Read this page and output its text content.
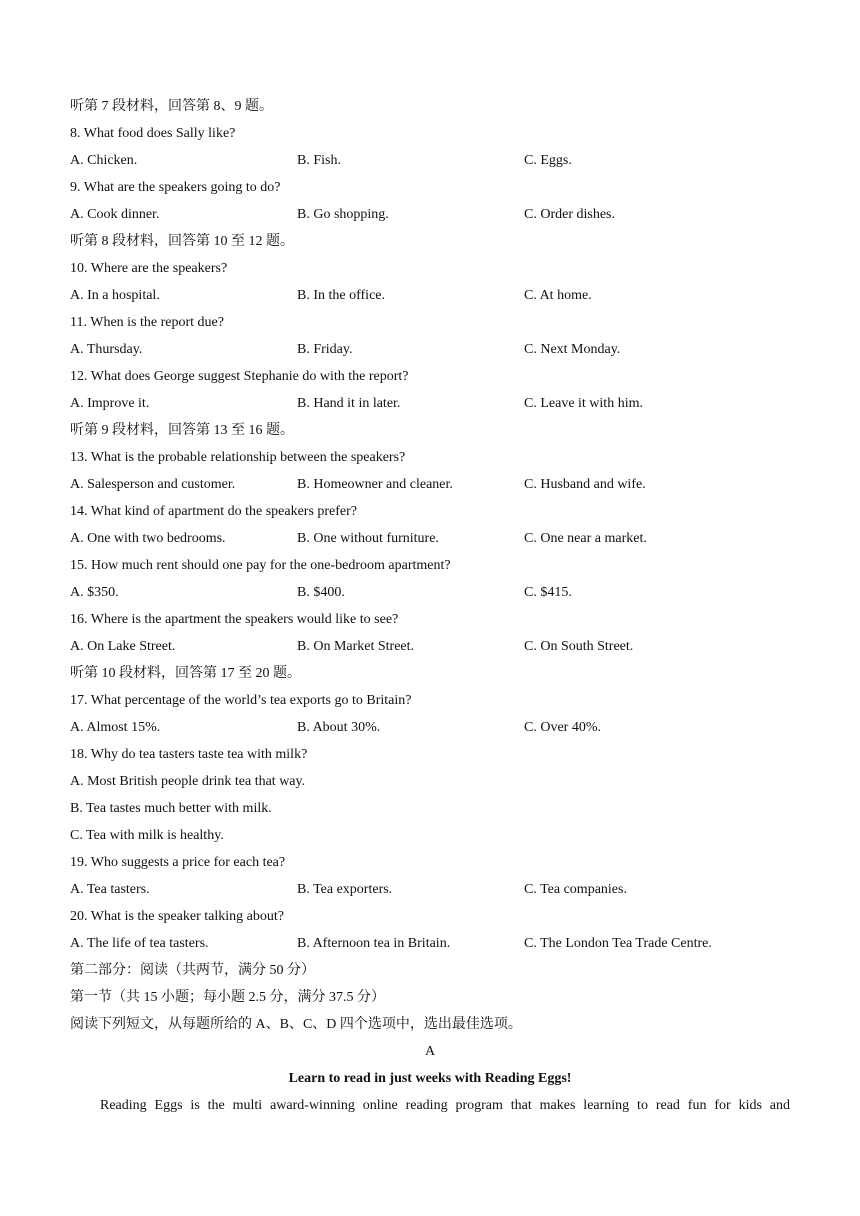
听第 7 段材料，回答第 8、9 题。
8. What food does Sally like?
A. Chicken.	B. Fish.	C. Eggs.
9. What are the speakers going to do?
A. Cook dinner.	B. Go shopping.	C. Order dishes.
听第 8 段材料，回答第 10 至 12 题。
10. Where are the speakers?
A. In a hospital.	B. In the office.	C. At home.
11. When is the report due?
A. Thursday.	B. Friday.	C. Next Monday.
12. What does George suggest Stephanie do with the report?
A. Improve it.	B. Hand it in later.	C. Leave it with him.
听第 9 段材料，回答第 13 至 16 题。
13. What is the probable relationship between the speakers?
A. Salesperson and customer.	B. Homeowner and cleaner.	C. Husband and wife.
14. What kind of apartment do the speakers prefer?
A. One with two bedrooms.	B. One without furniture.	C. One near a market.
15. How much rent should one pay for the one-bedroom apartment?
A. $350.	B. $400.	C. $415.
16. Where is the apartment the speakers would like to see?
A. On Lake Street.	B. On Market Street.	C. On South Street.
听第 10 段材料，回答第 17 至 20 题。
17. What percentage of the world’s tea exports go to Britain?
A. Almost 15%.	B. About 30%.	C. Over 40%.
18. Why do tea tasters taste tea with milk?
A. Most British people drink tea that way.
B. Tea tastes much better with milk.
C. Tea with milk is healthy.
19. Who suggests a price for each tea?
A. Tea tasters.	B. Tea exporters.	C. Tea companies.
20. What is the speaker talking about?
A. The life of tea tasters.	B. Afternoon tea in Britain.	C. The London Tea Trade Centre.
第二部分：阅读（共两节，满分 50 分）
第一节（共 15 小题；每小题 2.5 分，满分 37.5 分）
阅读下列短文，从每题所给的 A、B、C、D 四个选项中，选出最佳选项。
A
Learn to read in just weeks with Reading Eggs!
Reading Eggs is the multi award-winning online reading program that makes learning to read fun for kids and
